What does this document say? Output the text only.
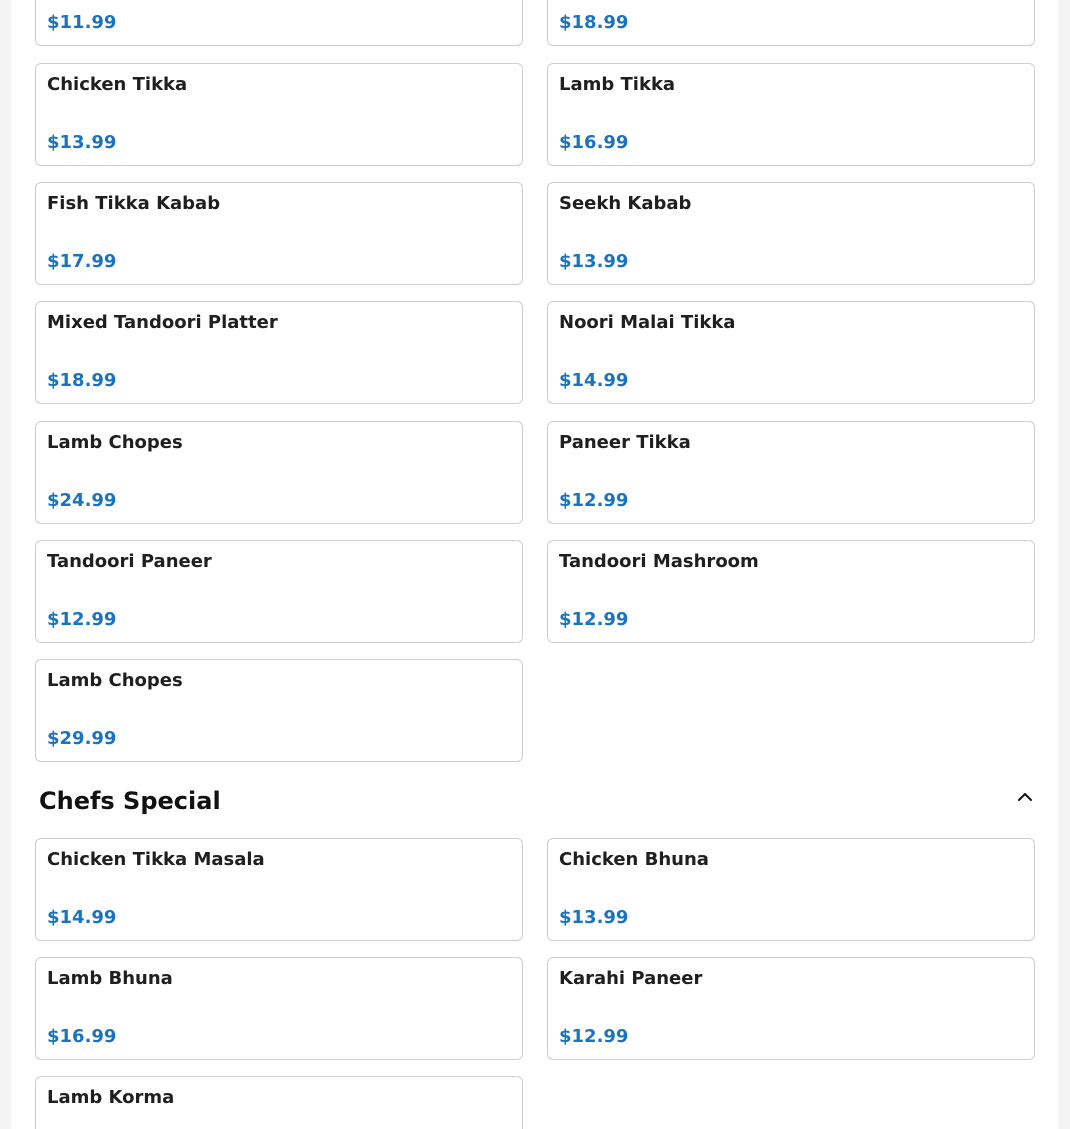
$11.99	$18.99
Chicken Tikka
$13.99
Lamb Tikka
$16.99
Fish Tikka Kabab
$17.99
Seekh Kabab
$13.99
Mixed Tandoori Platter
$18.99
Noori Malai Tikka
$14.99
Lamb Chopes
$24.99
Paneer Tikka
$12.99
Tandoori Paneer
$12.99
Tandoori Mashroom
$12.99
Lamb Chopes
$29.99
Chefs Special
Chicken Tikka Masala
$14.99
Chicken Bhuna
$13.99
Lamb Bhuna
$16.99
Karahi Paneer
$12.99
Lamb Korma
